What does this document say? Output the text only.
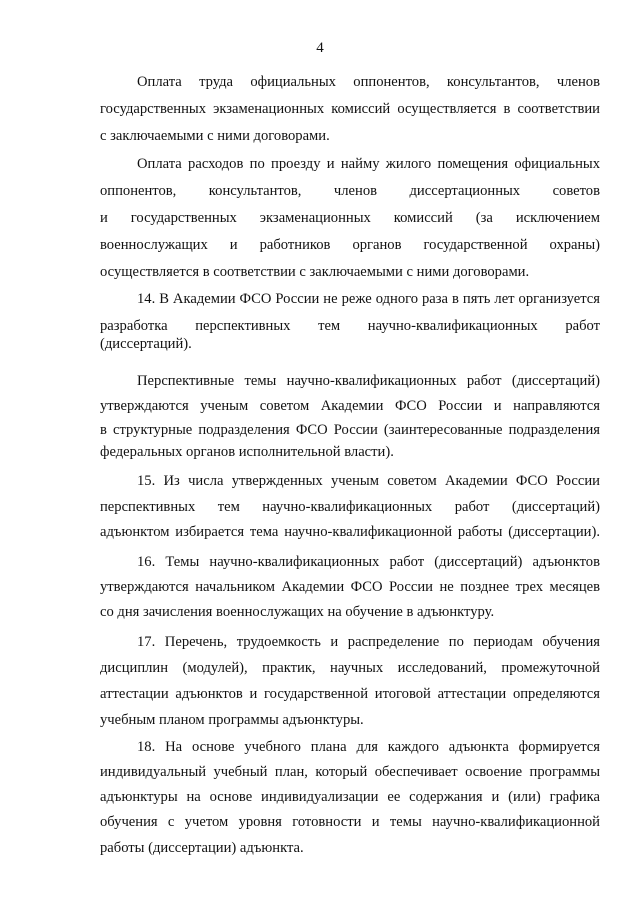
4
Оплата труда официальных оппонентов, консультантов, членов
государственных экзаменационных комиссий осуществляется в соответствии
с заключаемыми с ними договорами.
Оплата расходов по проезду и найму жилого помещения официальных
оппонентов, консультантов, членов диссертационных советов
и государственных экзаменационных комиссий (за исключением
военнослужащих и работников органов государственной охраны)
осуществляется в соответствии с заключаемыми с ними договорами.
14. В Академии ФСО России не реже одного раза в пять лет организуется
разработка перспективных тем научно-квалификационных работ
(диссертаций).
Перспективные темы научно-квалификационных работ (диссертаций)
утверждаются ученым советом Академии ФСО России и направляются
в структурные подразделения ФСО России (заинтересованные подразделения
федеральных органов исполнительной власти).
15. Из числа утвержденных ученым советом Академии ФСО России
перспективных тем научно-квалификационных работ (диссертаций)
адъюнктом избирается тема научно-квалификационной работы (диссертации).
16. Темы научно-квалификационных работ (диссертаций) адъюнктов
утверждаются начальником Академии ФСО России не позднее трех месяцев
со дня зачисления военнослужащих на обучение в адъюнктуру.
17. Перечень, трудоемкость и распределение по периодам обучения
дисциплин (модулей), практик, научных исследований, промежуточной
аттестации адъюнктов и государственной итоговой аттестации определяются
учебным планом программы адъюнктуры.
18. На основе учебного плана для каждого адъюнкта формируется
индивидуальный учебный план, который обеспечивает освоение программы
адъюнктуры на основе индивидуализации ее содержания и (или) графика
обучения с учетом уровня готовности и темы научно-квалификационной
работы (диссертации) адъюнкта.
